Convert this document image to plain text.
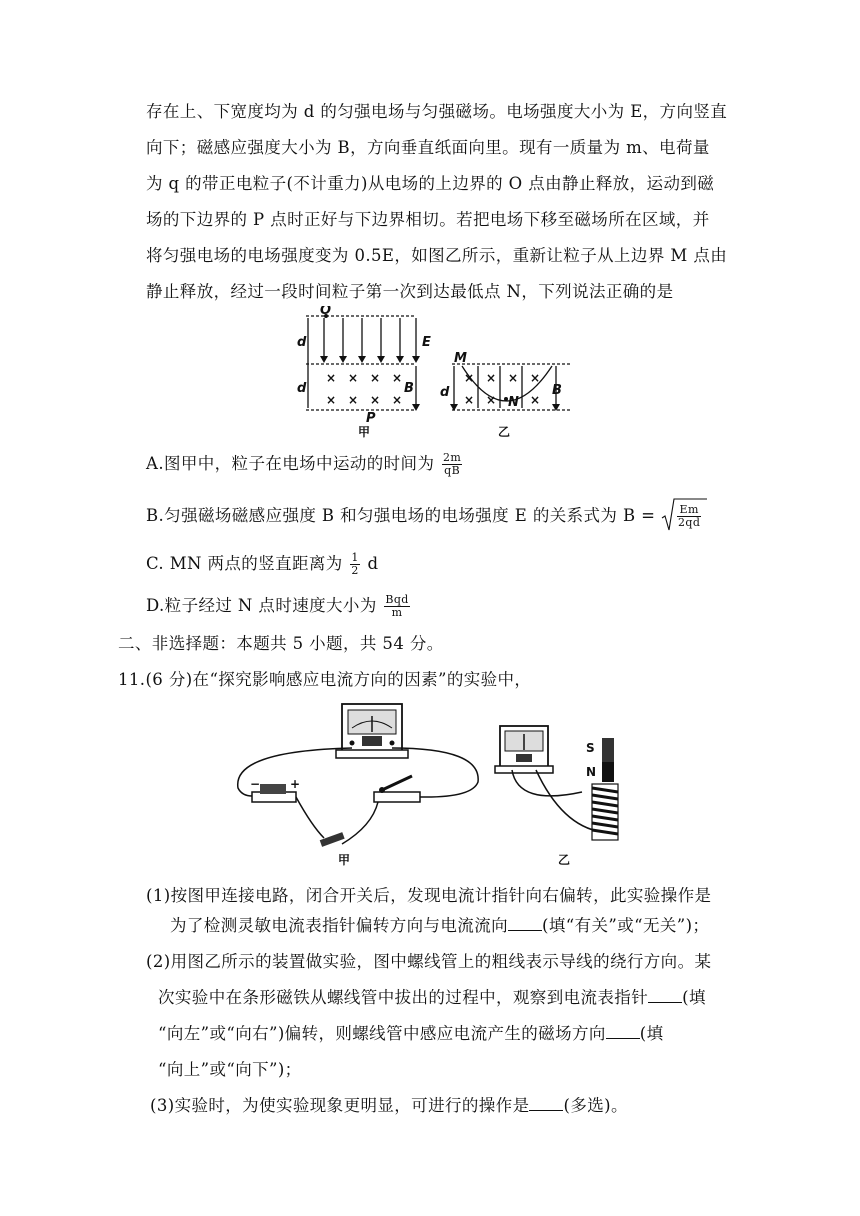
存在上、下宽度均为 d 的匀强电场与匀强磁场。电场强度大小为 E，方向竖直
向下；磁感应强度大小为 B，方向垂直纸面向里。现有一质量为 m、电荷量
为 q 的带正电粒子(不计重力)从电场的上边界的 O 点由静止释放，运动到磁
场的下边界的 P 点时正好与下边界相切。若把电场下移至磁场所在区域，并
将匀强电场的电场强度变为 0.5E，如图乙所示，重新让粒子从上边界 M 点由
静止释放，经过一段时间粒子第一次到达最低点 N，下列说法正确的是
O
d
d
E
B
P
M
d	B
N
× × × ×
× × × ×
× × × ×
× ×	×
甲	乙
A.图甲中，粒子在电场中运动的时间为 $\frac{2m}{qB}$
B.匀强磁场磁感应强度 B 和匀强电场的电场强度 E 的关系式为 $B = \frac{Em}{2qd}$
C. MN 两点的竖直距离为 $\frac{1}{2}$ d
D.粒子经过 N 点时速度大小为 $\frac{\text{Bqd}}{m}$
二、非选择题：本题共 5 小题，共 54 分。
11.(6 分)在“探究影响感应电流方向的因素”的实验中，
− +
S
N
甲	乙
(1)按图甲连接电路，闭合开关后，发现电流计指针向右偏转，此实验操作是
为了检测灵敏电流表指针偏转方向与电流流向 (填“有关”或“无关”)；
(2)用图乙所示的装置做实验，图中螺线管上的粗线表示导线的绕行方向。某
次实验中在条形磁铁从螺线管中拔出的过程中，观察到电流表指针 (填
“向左”或“向右”)偏转，则螺线管中感应电流产生的磁场方向 (填
“向上”或“向下”)；
(3)实验时，为使实验现象更明显，可进行的操作是 (多选)。
